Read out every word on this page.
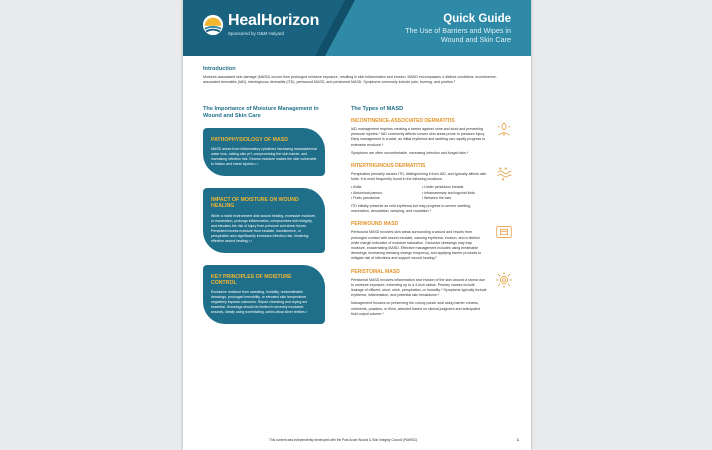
HealHorizon
Sponsored by O&M Halyard
Quick Guide
The Use of Barriers and Wipes in
Wound and Skin Care
Introduction
Moisture-associated skin damage (MASD) occurs from prolonged moisture exposure, resulting in skin inflammation and erosion. MASD encompasses 4 distinct conditions: incontinence-associated dermatitis (IAD), intertriginous dermatitis (ITD), periwound MASD, and peristomal MASD. Symptoms commonly include pain, burning, and pruritus.¹
The Importance of Moisture Management in Wound and Skin Care
PATHOPHYSIOLOGY OF MASD
MASD arises from inflammatory cytokines increasing transepidermal water loss, raising skin pH, compromising the skin barrier, and increasing infection risk. Excess moisture makes the skin vulnerable to friction and shear injuries.²˒³
IMPACT OF MOISTURE ON WOUND HEALING
While a moist environment aids wound healing, excessive moisture, or maceration, prolongs inflammation, compromises skin integrity, and elevates the risk of injury from pressure and shear forces. Persistent excess moisture from exudate, incontinence, or perspiration also significantly increases infection risk, hindering effective wound healing.²˒³
KEY PRINCIPLES OF MOISTURE CONTROL
Excessive moisture from sweating, humidity, nonbreathable dressings, prolonged immobility, or elevated skin temperature negatively impacts outcomes. Repair cleansing and drying are essential. Dressings should be limited to severely exudative wounds, ideally using nonirritating, unlimi-ctival silver textiles.³
The Types of MASD
INCONTINENCE-ASSOCIATED DERMATITIS
IAD management requires creating a barrier against urine and stool and preventing pressure injuries.⁴ IAD commonly affects convex skin areas prone to pressure injury. Early management is crucial, as initial erythema and swelling can rapidly progress to extensive erosions.⁴
Symptoms are often uncomfortable, increasing infection and fungal risks.⁴
INTERTRIGINOUS DERMATITIS
Perspiration primarily causes ITD, distinguishing it from IAD, and typically affects skin folds. It is most frequently found in the following locations:
• Axilla	• Under pendulous breasts
• Abdominal pannus	• Inframammary and inguinal folds
• Pubic panniculus	• Between the toes
ITD initially presents as mild erythema but may progress to severe swelling, maceration, denudation, weeping, and crustation.⁴
PERIWOUND MASD
Periwound MASD involves skin areas surrounding a wound and results from prolonged contact with wound exudate, causing erythema, erosion, and a distinct white margin indicative of moisture saturation. Occlusive dressings may trap moisture, exacerbating MASD. Effective management includes using breathable dressings, increasing dressing change frequency, and applying barrier products to mitigate risk of infections and support wound healing.⁵
PERISTOMAL MASD
Peristomal MASD involves inflammation and erosion of the skin around a stoma due to moisture exposure, extending up to a 4-inch radius. Primary causes include leakage of effluent, stool, urine, perspiration, or humidity.⁴ Symptoms typically include erythema, inflammation, and potential skin breakdown.⁴
Management focuses on preserving the colony pouch seal using barrier creams, ointments, powders, or films, selected based on clinical judgment and anticipated fluid output volume.⁴
This content was independently developed with the Post Acute Wound & Skin Integrity Council (PAWSIC).	1
